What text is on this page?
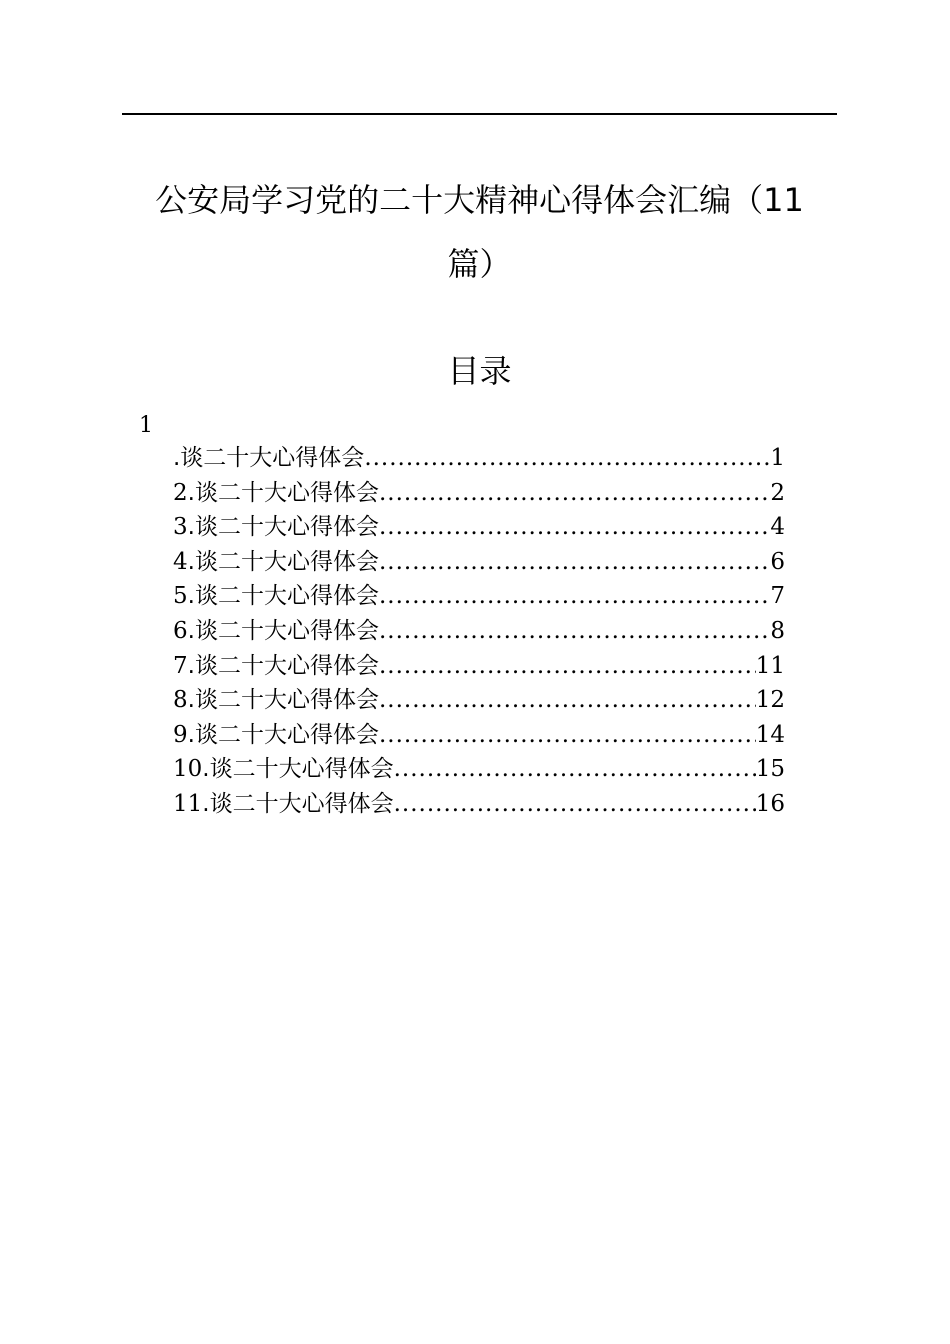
公安局学习党的二十大精神心得体会汇编（11
篇）
目录
1
.谈二十大心得体会 .....	1
2.谈二十大心得体会 .....	2
3.谈二十大心得体会 .....	4
4.谈二十大心得体会 .....	6
5.谈二十大心得体会 .....	7
6.谈二十大心得体会 .....	8
7.谈二十大心得体会 .....	11
8.谈二十大心得体会 .....	12
9.谈二十大心得体会 .....	14
10.谈二十大心得体会 .....	15
11.谈二十大心得体会 .....	16
